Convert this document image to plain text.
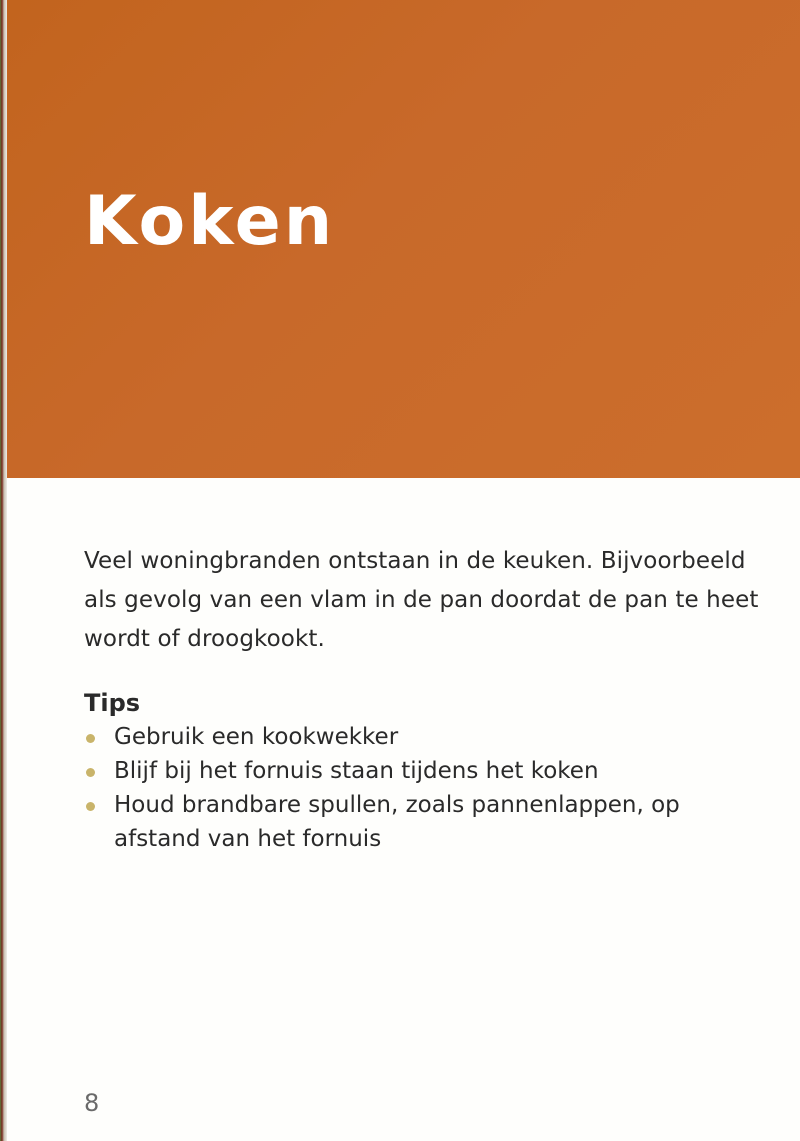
Koken

Veel woningbranden ontstaan in de keuken. Bijvoorbeeld als gevolg van een vlam in de pan doordat de pan te heet wordt of droogkookt.

Tips
Gebruik een kookwekker
Blijf bij het fornuis staan tijdens het koken
Houd brandbare spullen, zoals pannenlappen, op afstand van het fornuis
8
